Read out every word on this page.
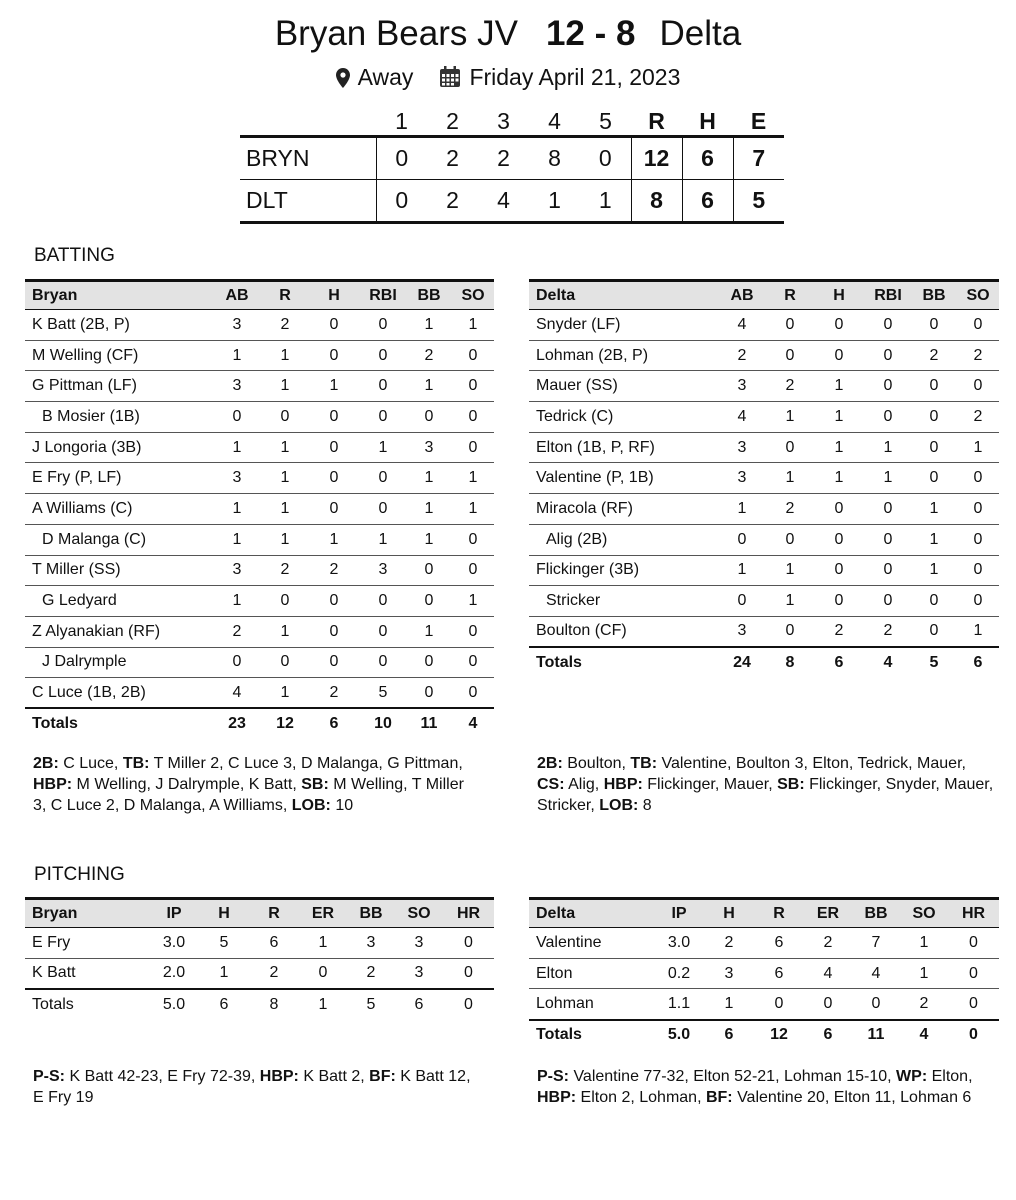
Bryan Bears JV 12 - 8 Delta
Away Friday April 21, 2023
	1	2	3	4	5	R	H	E
BRYN	0	2	2	8	0	12	6	7
DLT	0	2	4	1	1	8	6	5
BATTING
Bryan	AB	R	H	RBI	BB	SO
K Batt (2B, P)	3	2	0	0	1	1
M Welling (CF)	1	1	0	0	2	0
G Pittman (LF)	3	1	1	0	1	0
B Mosier (1B)	0	0	0	0	0	0
J Longoria (3B)	1	1	0	1	3	0
E Fry (P, LF)	3	1	0	0	1	1
A Williams (C)	1	1	0	0	1	1
D Malanga (C)	1	1	1	1	1	0
T Miller (SS)	3	2	2	3	0	0
G Ledyard	1	0	0	0	0	1
Z Alyanakian (RF)	2	1	0	0	1	0
J Dalrymple	0	0	0	0	0	0
C Luce (1B, 2B)	4	1	2	5	0	0
Totals	23	12	6	10	11	4
Delta	AB	R	H	RBI	BB	SO
Snyder (LF)	4	0	0	0	0	0
Lohman (2B, P)	2	0	0	0	2	2
Mauer (SS)	3	2	1	0	0	0
Tedrick (C)	4	1	1	0	0	2
Elton (1B, P, RF)	3	0	1	1	0	1
Valentine (P, 1B)	3	1	1	1	0	0
Miracola (RF)	1	2	0	0	1	0
Alig (2B)	0	0	0	0	1	0
Flickinger (3B)	1	1	0	0	1	0
Stricker	0	1	0	0	0	0
Boulton (CF)	3	0	2	2	0	1
Totals	24	8	6	4	5	6
2B: C Luce, TB: T Miller 2, C Luce 3, D Malanga, G Pittman, HBP: M Welling, J Dalrymple, K Batt, SB: M Welling, T Miller 3, C Luce 2, D Malanga, A Williams, LOB: 10
2B: Boulton, TB: Valentine, Boulton 3, Elton, Tedrick, Mauer, CS: Alig, HBP: Flickinger, Mauer, SB: Flickinger, Snyder, Mauer, Stricker, LOB: 8
PITCHING
Bryan	IP	H	R	ER	BB	SO	HR
E Fry	3.0	5	6	1	3	3	0
K Batt	2.0	1	2	0	2	3	0
Totals	5.0	6	8	1	5	6	0
Delta	IP	H	R	ER	BB	SO	HR
Valentine	3.0	2	6	2	7	1	0
Elton	0.2	3	6	4	4	1	0
Lohman	1.1	1	0	0	0	2	0
Totals	5.0	6	12	6	11	4	0
P-S: K Batt 42-23, E Fry 72-39, HBP: K Batt 2, BF: K Batt 12, E Fry 19
P-S: Valentine 77-32, Elton 52-21, Lohman 15-10, WP: Elton, HBP: Elton 2, Lohman, BF: Valentine 20, Elton 11, Lohman 6
